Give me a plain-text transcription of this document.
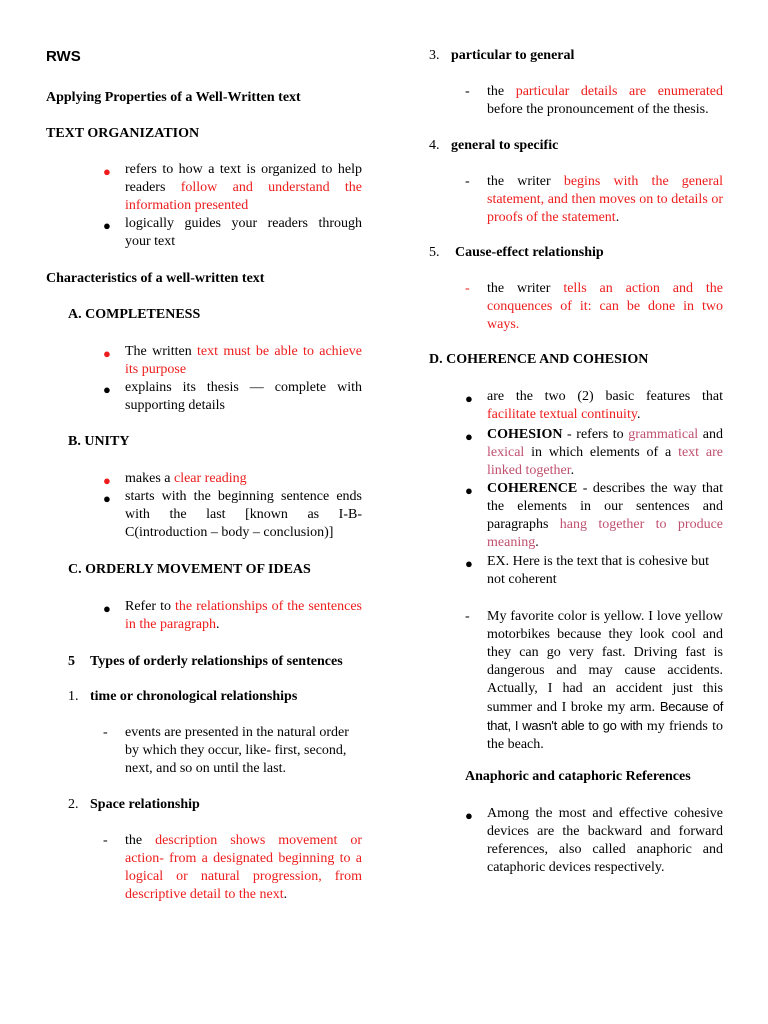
RWS
Applying Properties of a Well-Written text
TEXT ORGANIZATION
● refers to how a text is organized to help readers follow and understand the information presented
● logically guides your readers through your text
Characteristics of a well-written text
A. COMPLETENESS
● The written text must be able to achieve its purpose
● explains its thesis — complete with supporting details
B. UNITY
● makes a clear reading
● starts with the beginning sentence ends with the last [known as I-B-C(introduction – body – conclusion)]
C. ORDERLY MOVEMENT OF IDEAS
● Refer to the relationships of the sentences in the paragraph.
5 Types of orderly relationships of sentences
1. time or chronological relationships
- events are presented in the natural order by which they occur, like- first, second, next, and so on until the last.
2. Space relationship
- the description shows movement or action- from a designated beginning to a logical or natural progression, from descriptive detail to the next.
3. particular to general
- the particular details are enumerated before the pronouncement of the thesis.
4. general to specific
- the writer begins with the general statement, and then moves on to details or proofs of the statement.
5. Cause-effect relationship
- the writer tells an action and the conquences of it: can be done in two ways.
D. COHERENCE AND COHESION
● are the two (2) basic features that facilitate textual continuity.
● COHESION - refers to grammatical and lexical in which elements of a text are linked together.
● COHERENCE - describes the way that the elements in our sentences and paragraphs hang together to produce meaning.
● EX. Here is the text that is cohesive but not coherent
- My favorite color is yellow. I love yellow motorbikes because they look cool and they can go very fast. Driving fast is dangerous and may cause accidents. Actually, I had an accident just this summer and I broke my arm. Because of that, I wasn't able to go with my friends to the beach.
Anaphoric and cataphoric References
● Among the most and effective cohesive devices are the backward and forward references, also called anaphoric and cataphoric devices respectively.
